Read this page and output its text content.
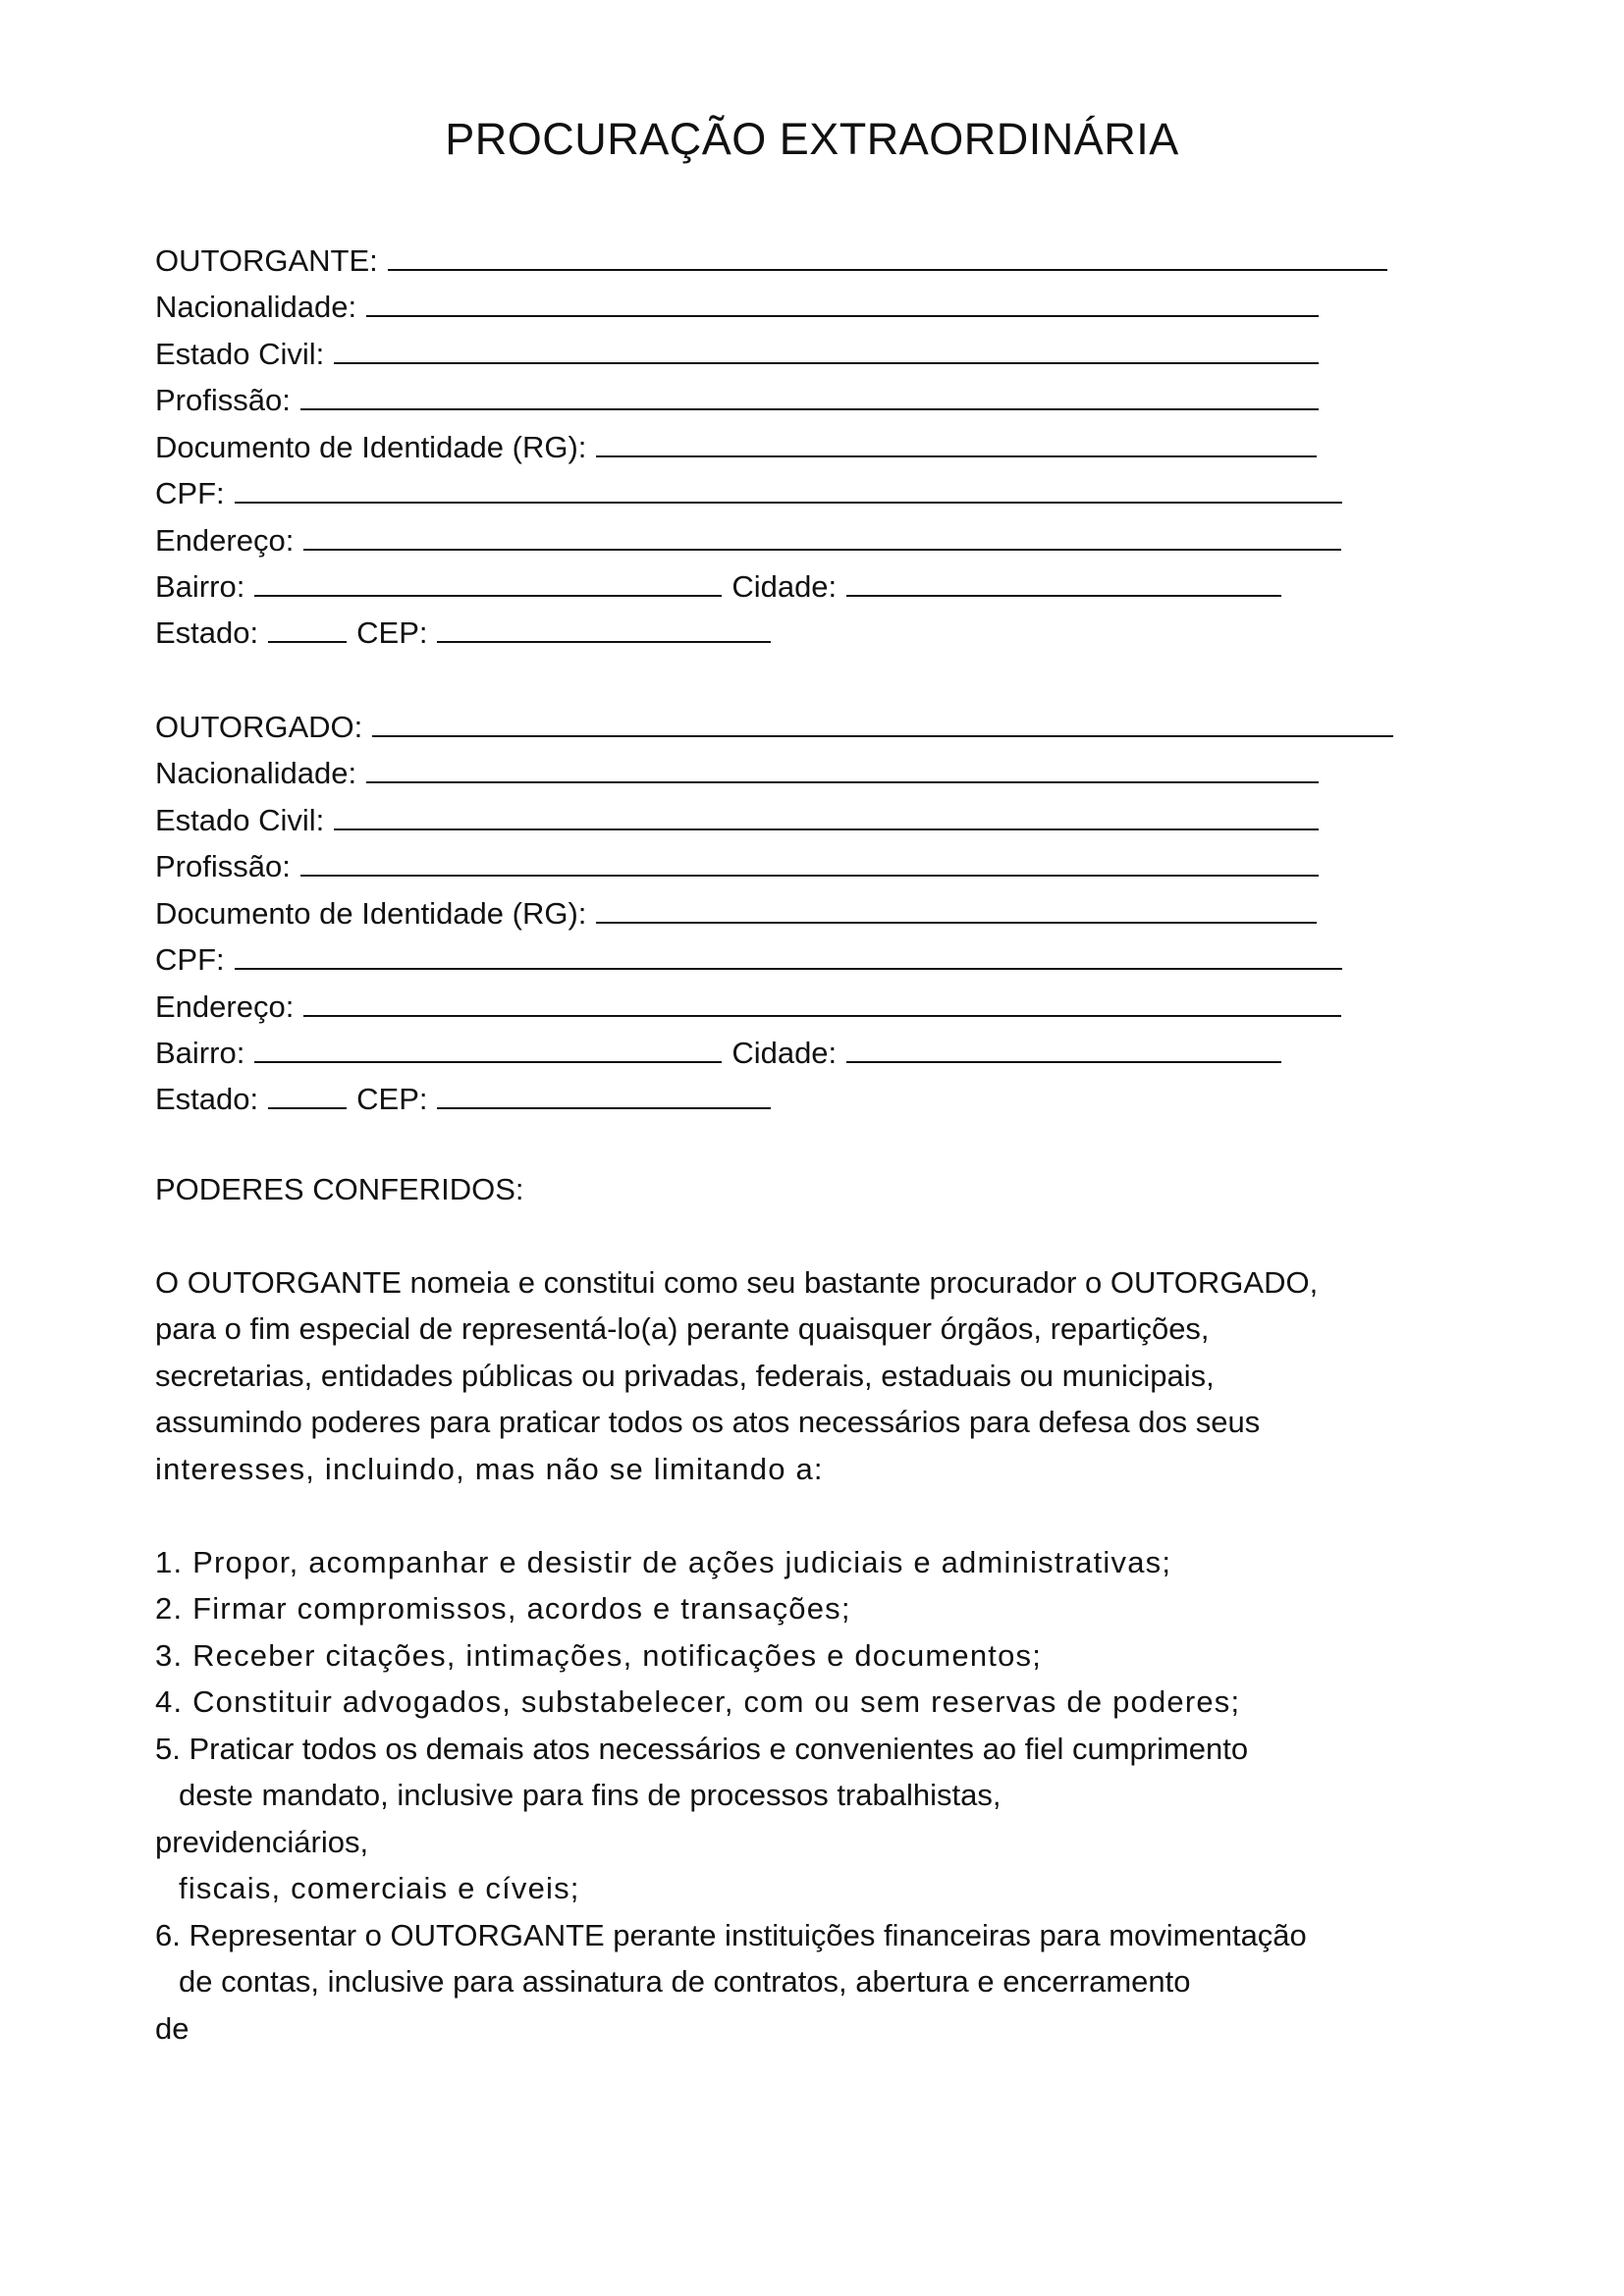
PROCURAÇÃO EXTRAORDINÁRIA
OUTORGANTE:
Nacionalidade:
Estado Civil:
Profissão:
Documento de Identidade (RG):
CPF:
Endereço:
Bairro:	Cidade:
Estado:	CEP:
OUTORGADO:
Nacionalidade:
Estado Civil:
Profissão:
Documento de Identidade (RG):
CPF:
Endereço:
Bairro:	Cidade:
Estado:	CEP:
PODERES CONFERIDOS:
O OUTORGANTE nomeia e constitui como seu bastante procurador o OUTORGADO,
para o fim especial de representá-lo(a) perante quaisquer órgãos, repartições,
secretarias, entidades públicas ou privadas, federais, estaduais ou municipais,
assumindo poderes para praticar todos os atos necessários para defesa dos seus
interesses, incluindo, mas não se limitando a:
1. Propor, acompanhar e desistir de ações judiciais e administrativas;
2. Firmar compromissos, acordos e transações;
3. Receber citações, intimações, notificações e documentos;
4. Constituir advogados, substabelecer, com ou sem reservas de poderes;
5. Praticar todos os demais atos necessários e convenientes ao fiel cumprimento
deste mandato, inclusive para fins de processos trabalhistas,
previdenciários,
fiscais, comerciais e cíveis;
6. Representar o OUTORGANTE perante instituições financeiras para movimentação
de contas, inclusive para assinatura de contratos, abertura e encerramento
de
